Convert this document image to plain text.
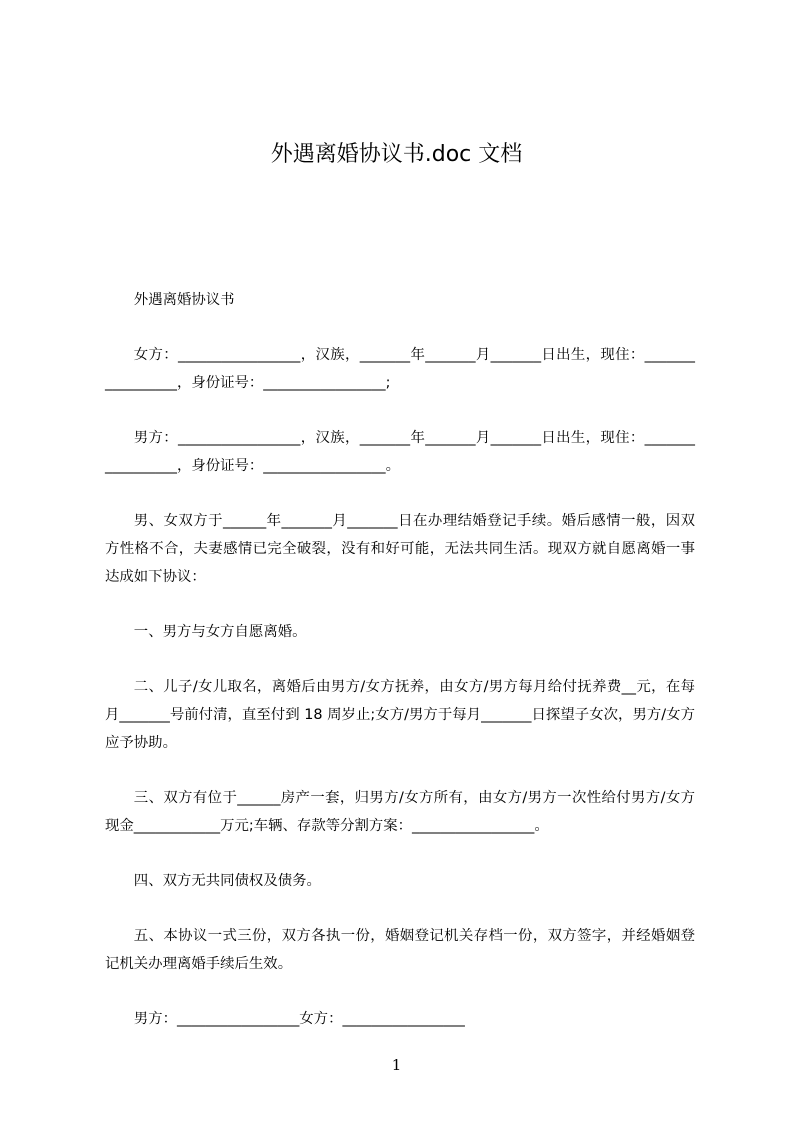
外遇离婚协议书.doc 文档

外遇离婚协议书

女方：_________________，汉族，_______年_______月_______日出生，现住：_________________，身份证号：_________________;

男方：_________________，汉族，_______年_______月_______日出生，现住：_________________，身份证号：_________________。

男、女双方于______年_______月_______日在办理结婚登记手续。婚后感情一般，因双方性格不合，夫妻感情已完全破裂，没有和好可能，无法共同生活。现双方就自愿离婚一事达成如下协议：

一、男方与女方自愿离婚。

二、儿子/女儿取名，离婚后由男方/女方抚养，由女方/男方每月给付抚养费__元，在每月_______号前付清，直至付到 18 周岁止;女方/男方于每月_______日探望子女次，男方/女方应予协助。

三、双方有位于______房产一套，归男方/女方所有，由女方/男方一次性给付男方/女方现金____________万元;车辆、存款等分割方案：_________________。

四、双方无共同债权及债务。

五、本协议一式三份，双方各执一份，婚姻登记机关存档一份，双方签字，并经婚姻登记机关办理离婚手续后生效。

男方：_________________女方：_________________

1
